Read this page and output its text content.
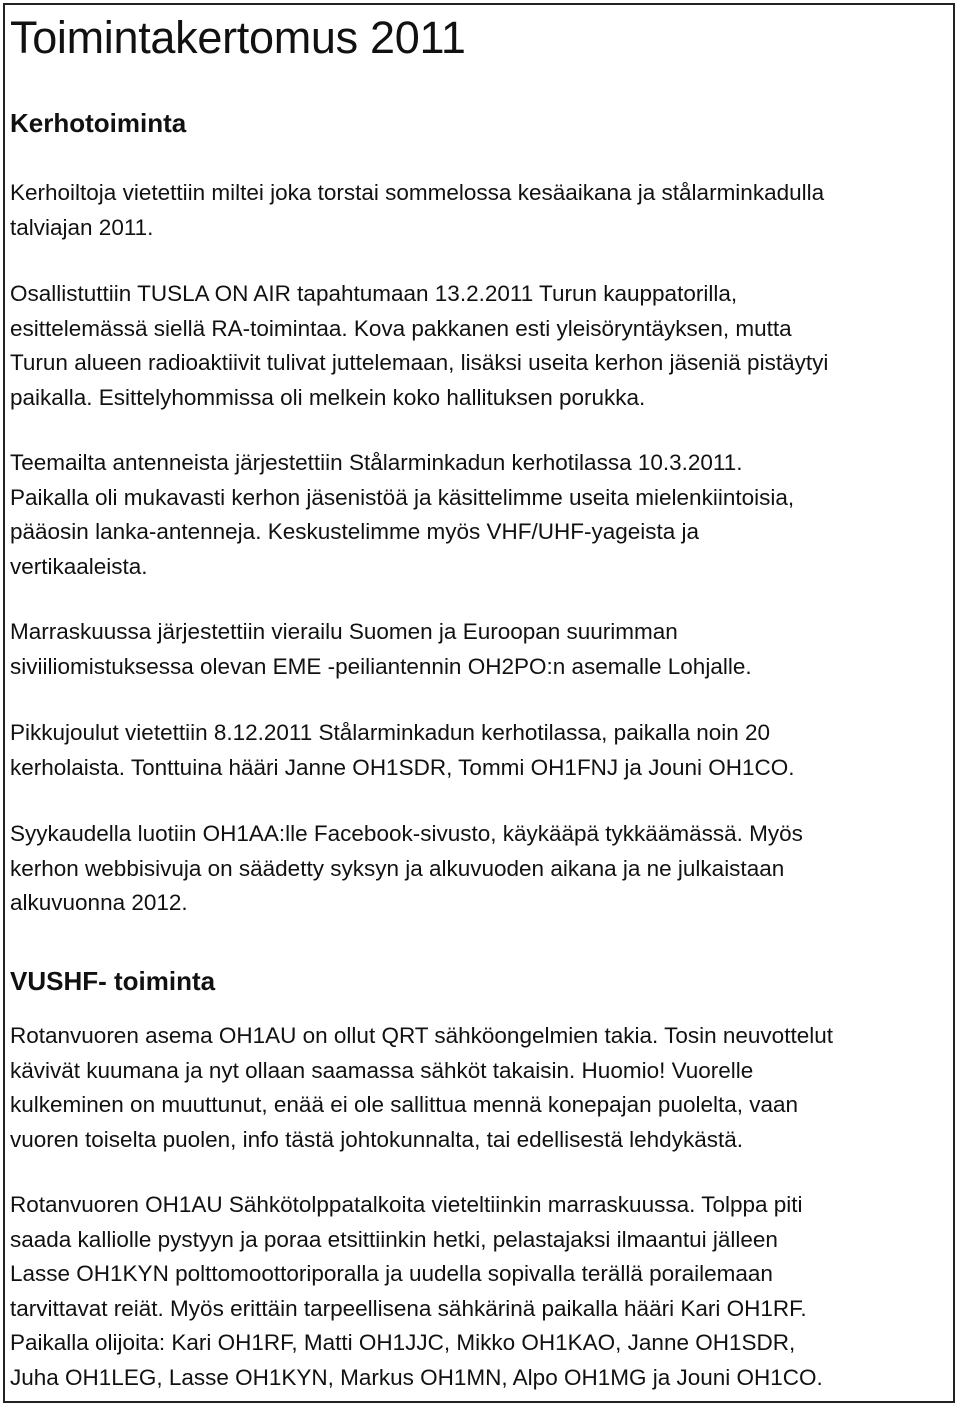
Toimintakertomus 2011
Kerhotoiminta

Kerhoiltoja vietettiin miltei joka torstai sommelossa kesäaikana ja stålarminkadulla
talviajan 2011.

Osallistuttiin TUSLA ON AIR tapahtumaan 13.2.2011 Turun kauppatorilla,
esittelemässä siellä RA-toimintaa. Kova pakkanen esti yleisöryntäyksen, mutta
Turun alueen radioaktiivit tulivat juttelemaan, lisäksi useita kerhon jäseniä pistäytyi
paikalla. Esittelyhommissa oli melkein koko hallituksen porukka.

Teemailta antenneista järjestettiin Stålarminkadun kerhotilassa 10.3.2011.
Paikalla oli mukavasti kerhon jäsenistöä ja käsittelimme useita mielenkiintoisia,
pääosin lanka-antenneja. Keskustelimme myös VHF/UHF-yageista ja
vertikaaleista.

Marraskuussa järjestettiin vierailu Suomen ja Euroopan suurimman
siviiliomistuksessa olevan EME -peiliantennin OH2PO:n asemalle Lohjalle.

Pikkujoulut vietettiin 8.12.2011 Stålarminkadun kerhotilassa, paikalla noin 20
kerholaista. Tonttuina hääri Janne OH1SDR, Tommi OH1FNJ ja Jouni OH1CO.

Syykaudella luotiin OH1AA:lle Facebook-sivusto, käykääpä tykkäämässä. Myös
kerhon webbisivuja on säädetty syksyn ja alkuvuoden aikana ja ne julkaistaan
alkuvuonna 2012.

VUSHF- toiminta

Rotanvuoren asema OH1AU on ollut QRT sähköongelmien takia. Tosin neuvottelut
kävivät kuumana ja nyt ollaan saamassa sähköt takaisin. Huomio! Vuorelle
kulkeminen on muuttunut, enää ei ole sallittua mennä konepajan puolelta, vaan
vuoren toiselta puolen, info tästä johtokunnalta, tai edellisestä lehdykästä.

Rotanvuoren OH1AU Sähkötolppatalkoita vieteltiinkin marraskuussa. Tolppa piti
saada kalliolle pystyyn ja poraa etsittiinkin hetki, pelastajaksi ilmaantui jälleen
Lasse OH1KYN polttomoottoriporalla ja uudella sopivalla terällä porailemaan
tarvittavat reiät. Myös erittäin tarpeellisena sähkärinä paikalla hääri Kari OH1RF.
Paikalla olijoita: Kari OH1RF, Matti OH1JJC, Mikko OH1KAO, Janne OH1SDR,
Juha OH1LEG, Lasse OH1KYN, Markus OH1MN, Alpo OH1MG ja Jouni OH1CO.
